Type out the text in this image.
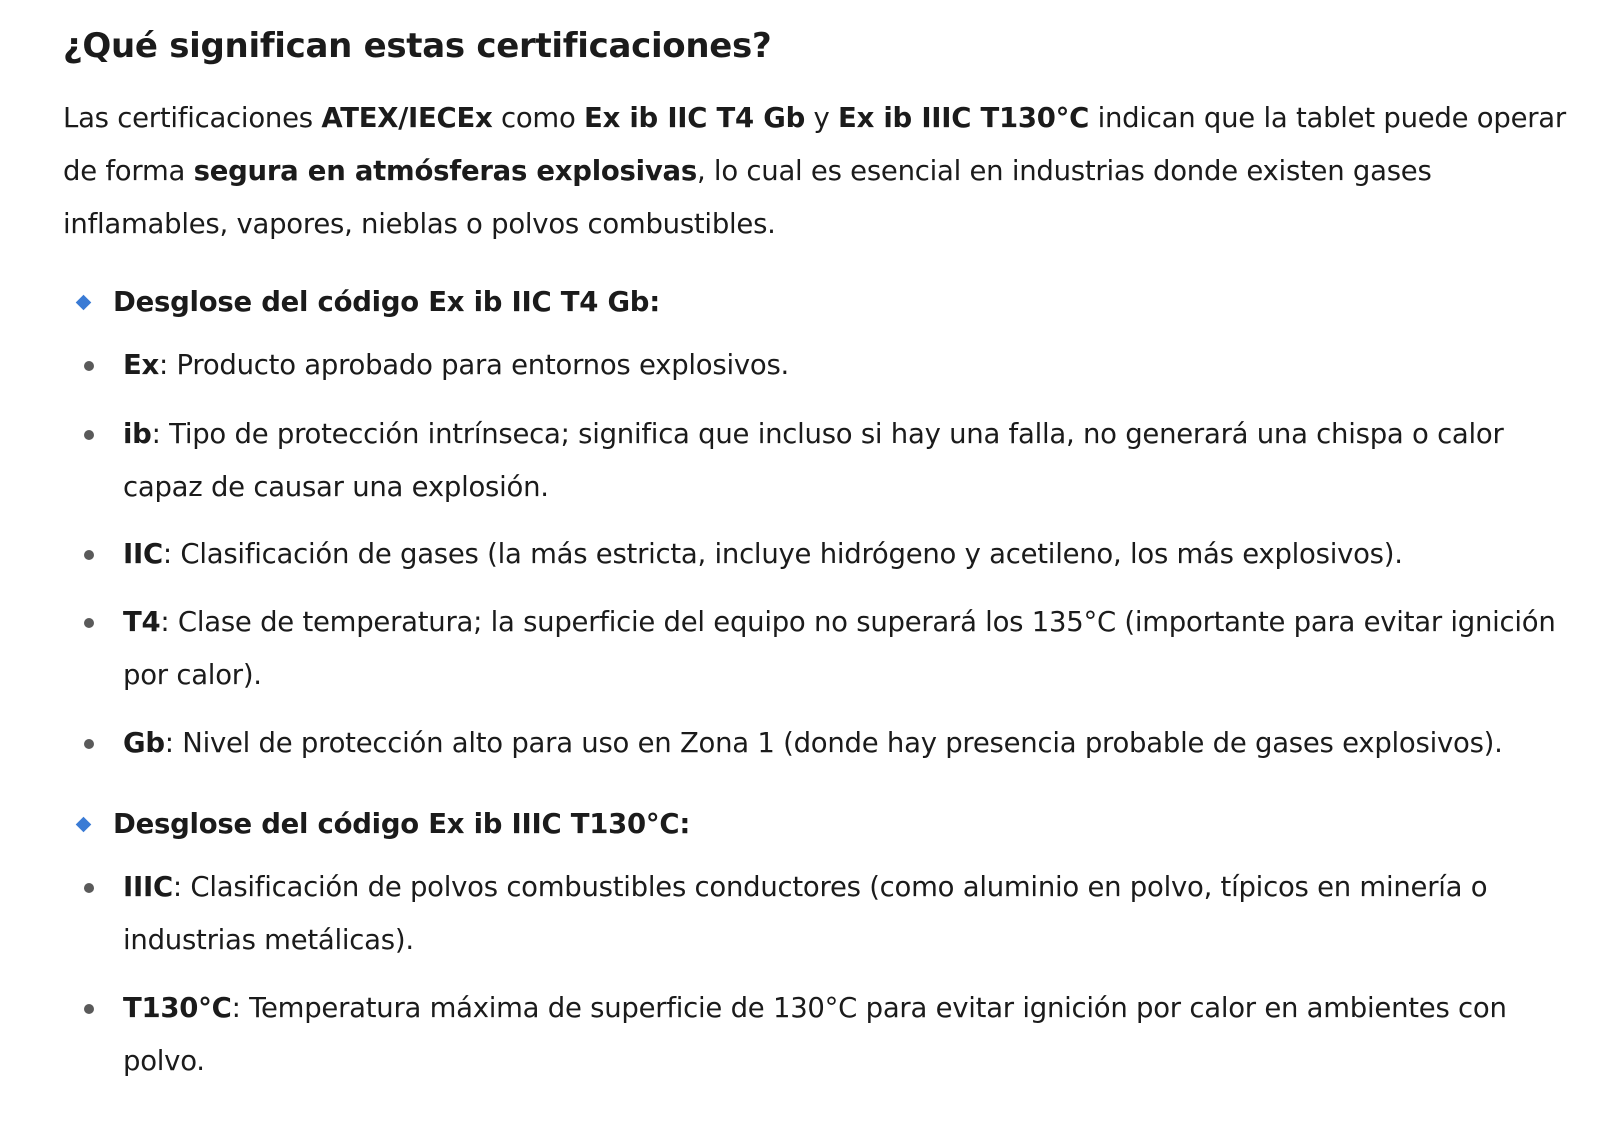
¿Qué significan estas certificaciones?

Las certificaciones ATEX/IECEx como Ex ib IIC T4 Gb y Ex ib IIIC T130°C indican que la tablet puede operar de forma segura en atmósferas explosivas, lo cual es esencial en industrias donde existen gases inflamables, vapores, nieblas o polvos combustibles.

Desglose del código Ex ib IIC T4 Gb:
Ex: Producto aprobado para entornos explosivos.
ib: Tipo de protección intrínseca; significa que incluso si hay una falla, no generará una chispa o calor capaz de causar una explosión.
IIC: Clasificación de gases (la más estricta, incluye hidrógeno y acetileno, los más explosivos).
T4: Clase de temperatura; la superficie del equipo no superará los 135°C (importante para evitar ignición por calor).
Gb: Nivel de protección alto para uso en Zona 1 (donde hay presencia probable de gases explosivos).
Desglose del código Ex ib IIIC T130°C:
IIIC: Clasificación de polvos combustibles conductores (como aluminio en polvo, típicos en minería o industrias metálicas).
T130°C: Temperatura máxima de superficie de 130°C para evitar ignición por calor en ambientes con polvo.
